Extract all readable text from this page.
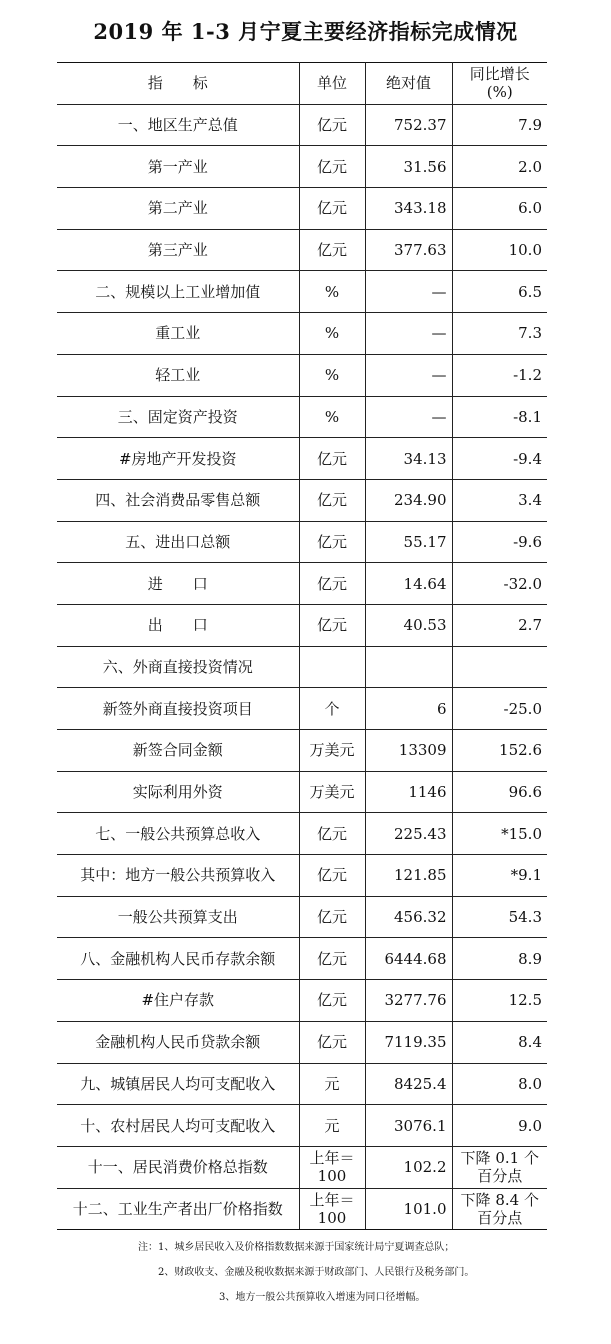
2019 年 1-3 月宁夏主要经济指标完成情况
指　　标	单位	绝对值	同比增长
(%)

一、地区生产总值	亿元	752.37	7.9
第一产业	亿元	31.56	2.0
第二产业	亿元	343.18	6.0
第三产业	亿元	377.63	10.0
二、规模以上工业增加值	%	—	6.5
重工业	%	—	7.3
轻工业	%	—	-1.2
三、固定资产投资	%	—	-8.1
#房地产开发投资	亿元	34.13	-9.4
四、社会消费品零售总额	亿元	234.90	3.4
五、进出口总额	亿元	55.17	-9.6
进　　口	亿元	14.64	-32.0
出　　口	亿元	40.53	2.7
六、外商直接投资情况			
新签外商直接投资项目	个	6	-25.0
新签合同金额	万美元	13309	152.6
实际利用外资	万美元	1146	96.6
七、一般公共预算总收入	亿元	225.43	*15.0
其中：地方一般公共预算收入	亿元	121.85	*9.1
一般公共预算支出	亿元	456.32	54.3
八、金融机构人民币存款余额	亿元	6444.68	8.9
#住户存款	亿元	3277.76	12.5
金融机构人民币贷款余额	亿元	7119.35	8.4
九、城镇居民人均可支配收入	元	8425.4	8.0
十、农村居民人均可支配收入	元	3076.1	9.0
十一、居民消费价格总指数	上年＝100	102.2	下降 0.1 个百分点
十二、工业生产者出厂价格指数	上年＝100	101.0	下降 8.4 个百分点
注：1、城乡居民收入及价格指数数据来源于国家统计局宁夏调查总队；
2、财政收支、金融及税收数据来源于财政部门、人民银行及税务部门。
3、地方一般公共预算收入增速为同口径增幅。
